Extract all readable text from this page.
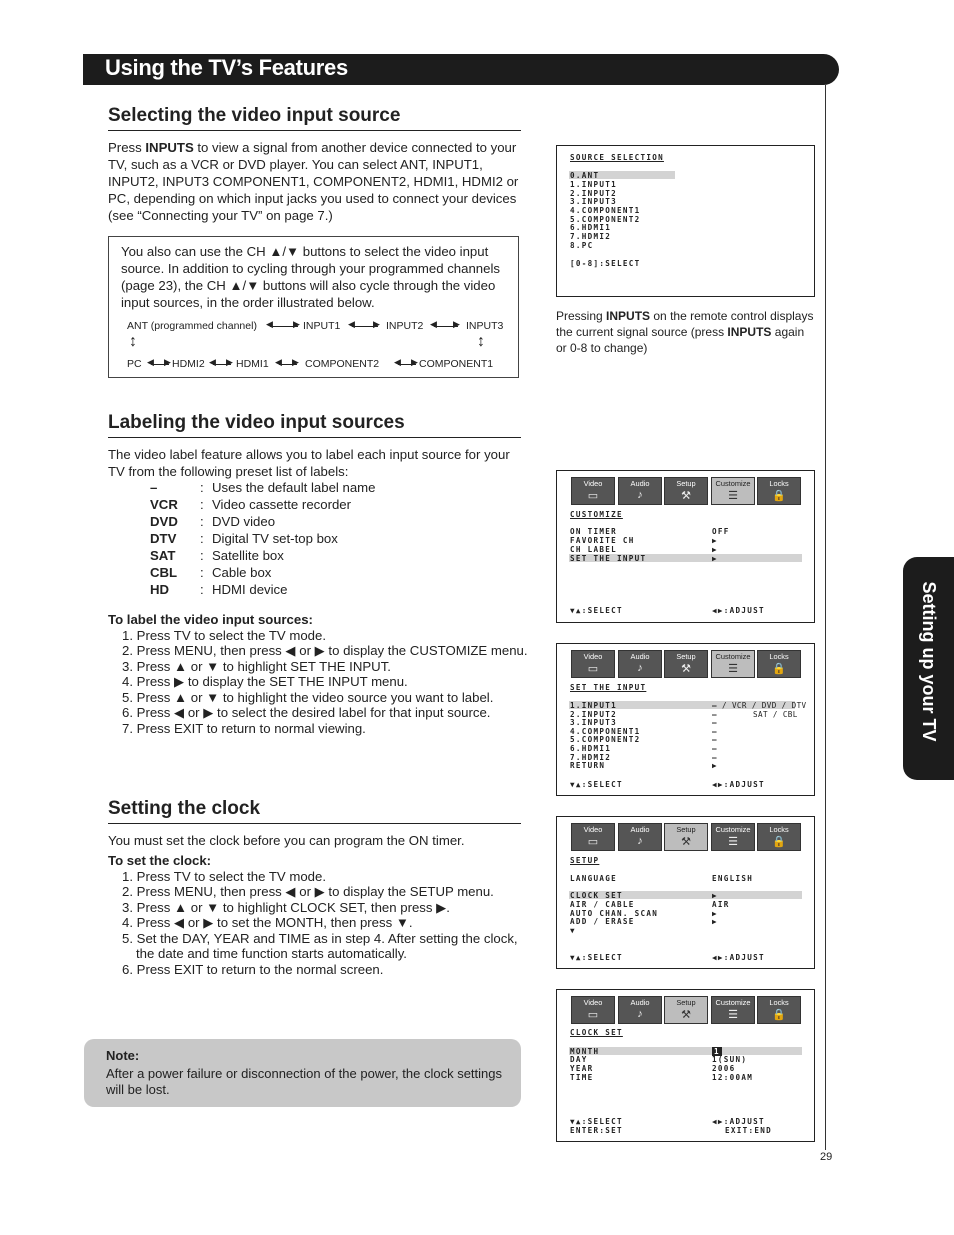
Using the TV’s Features
Setting up your TV
Selecting the video input source
Press INPUTS to view a signal from another device connected to your TV, such as a VCR or DVD player. You can select ANT, INPUT1, INPUT2, INPUT3 COMPONENT1, COMPONENT2, HDMI1, HDMI2 or PC, depending on which input jacks you used to connect your devices (see “Connecting your TV” on page 7.)
You also can use the CH ▲/▼ buttons to select the video input source. In addition to cycling through your programmed channels (page 23), the CH ▲/▼ buttons will also cycle through the video input sources, in the order illustrated below.
ANT (programmed channel) ◀ ▶ INPUT1 ◀ ▶ INPUT2 ◀ ▶ INPUT3
↕	↕
PC ◀ ▶ HDMI2 ◀ ▶ HDMI1 ◀ ▶ COMPONENT2 ◀ ▶ COMPONENT1
SOURCE SELECTION
0.ANT
1.INPUT1
2.INPUT2
3.INPUT3
4.COMPONENT1
5.COMPONENT2
6.HDMI1
7.HDMI2
8.PC
[0-8]:SELECT
Pressing INPUTS on the remote control displays the current signal source (press INPUTS again or 0-8 to change)
Labeling the video input sources
The video label feature allows you to label each input source for your TV from the following preset list of labels:
–	: Uses the default label name
VCR : Video cassette recorder
DVD : DVD video
DTV : Digital TV set-top box
SAT : Satellite box
CBL : Cable box
HD : HDMI device
To label the video input sources:
1. Press TV to select the TV mode.
2. Press MENU, then press ◀ or ▶ to display the CUSTOMIZE menu.
3. Press ▲ or ▼ to highlight SET THE INPUT.
4. Press ▶ to display the SET THE INPUT menu.
5. Press ▲ or ▼ to highlight the video source you want to label.
6. Press ◀ or ▶ to select the desired label for that input source.
7. Press EXIT to return to normal viewing.
Setting the clock
You must set the clock before you can program the ON timer.
To set the clock:
1. Press TV to select the TV mode.
2. Press MENU, then press ◀ or ▶ to display the SETUP menu.
3. Press ▲ or ▼ to highlight CLOCK SET, then press ▶.
4. Press ◀ or ▶ to set the MONTH, then press ▼.
5. Set the DAY, YEAR and TIME as in step 4. After setting the clock, the date and time function starts automatically.
6. Press EXIT to return to the normal screen.
Note:
After a power failure or disconnection of the power, the clock settings will be lost.
Video
▭
Audio
♪
Setup
⚒
Customize
☰
Locks
🔒
CUSTOMIZE
ON TIMER	OFF
FAVORITE CH	▶
CH LABEL	▶
SET THE INPUT	▶
▼▲:SELECT	◀▶:ADJUST
Video
▭
Audio
♪
Setup
⚒
Customize
☰
Locks
🔒
SET THE INPUT
1.INPUT1	– / VCR / DVD / DTV
2.INPUT2	–	SAT / CBL
3.INPUT3	–
4.COMPONENT1	–
5.COMPONENT2	–
6.HDMI1	–
7.HDMI2	–
RETURN	▶
▼▲:SELECT	◀▶:ADJUST
Video
▭
Audio
♪
Setup
⚒
Customize
☰
Locks
🔒
SETUP
LANGUAGE	ENGLISH
CLOCK SET	▶
AIR / CABLE	AIR
AUTO CHAN. SCAN	▶
ADD / ERASE	▶
▼
▼▲:SELECT	◀▶:ADJUST
Video
▭
Audio
♪
Setup
⚒
Customize
☰
Locks
🔒
CLOCK SET
MONTH	1
DAY	1(SUN)
YEAR	2006
TIME	12:00AM
▼▲:SELECT
ENTER:SET
◀▶:ADJUST
EXIT:END
29
